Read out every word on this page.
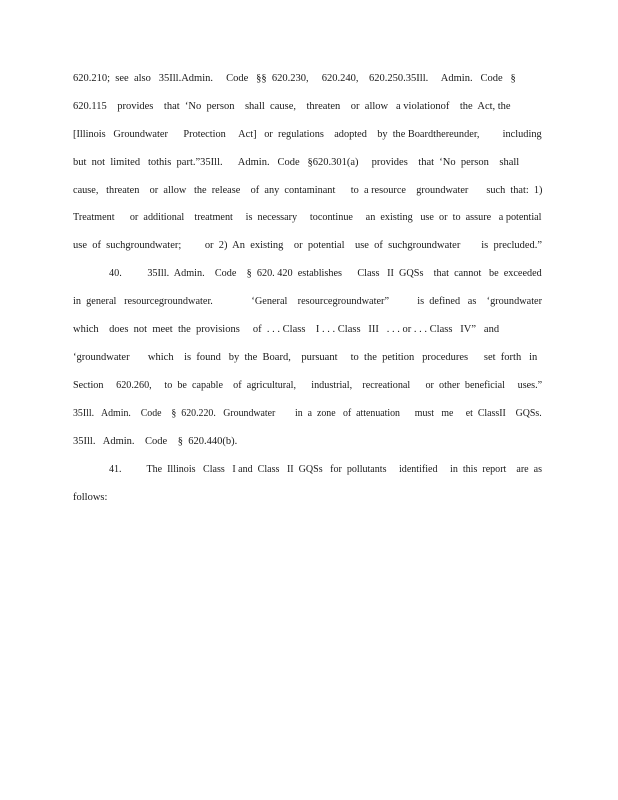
620.210;  see  also   35Ill.Admin.     Code   §§  620.230,     620.240,    620.250.35Ill.     Admin.   Code   §
620.115    provides    that  ‘No  person    shall  cause,    threaten    or  allow   a violationof    the  Act, the
[Illinois   Groundwater      Protection     Act]   or  regulations    adopted    by  the Boardthereunder,         including
but  not  limited   tothis  part.”35Ill.      Admin.   Code   §620.301(a)     provides    that  ‘No  person    shall
cause,   threaten    or  allow   the  release    of  any  contaminant      to  a resource    groundwater       such  that:  1)
Treatment      or  additional    treatment     is  necessary     tocontinue     an  existing   use  or  to  assure   a potential
use  of  suchgroundwater;         or  2)  An  existing    or  potential    use  of  suchgroundwater        is  precluded.”
40.          35Ill.  Admin.    Code    §  620. 420  establishes      Class   II  GQSs    that  cannot   be  exceeded
in  general   resourcegroundwater.               ‘General    resourcegroundwater”           is  defined   as    ‘groundwater
which    does  not  meet  the  provisions     of  . . . Class    I . . . Class   III   . . . or . . . Class   IV”   and
‘groundwater       which    is  found   by  the  Board,    pursuant     to  the  petition   procedures      set  forth   in
Section     620.260,     to  be  capable    of  agricultural,      industrial,    recreational      or  other  beneficial     uses.”
35Ill.   Admin.    Code    §  620.220.   Groundwater        in  a  zone   of  attenuation      must   me     et  ClassII    GQSs.
35Ill.   Admin.    Code    §  620.440(b).
41.          The  Illinois   Class   I and  Class   II  GQSs   for  pollutants     identified     in  this  report    are  as
follows:
